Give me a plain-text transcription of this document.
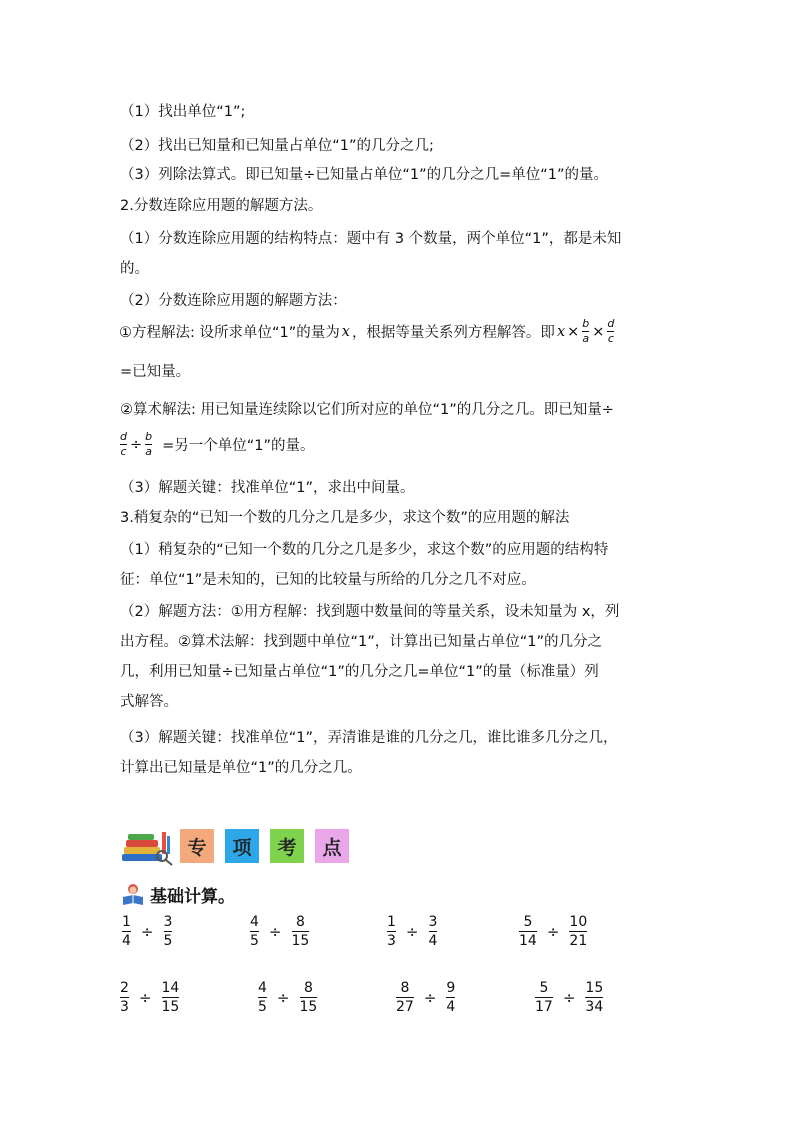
（1）找出单位“1”;
（2）找出已知量和已知量占单位“1”的几分之几;
（3）列除法算式。即已知量÷已知量占单位“1”的几分之几=单位“1”的量。
2.分数连除应用题的解题方法。
（1）分数连除应用题的结构特点：题中有 3 个数量，两个单位“1”，都是未知
的。
（2）分数连除应用题的解题方法：
①方程解法: 设所求单位“1”的量为 x ，根据等量关系列方程解答。即 $x \times \frac{b}{a} \times \frac{d}{c}$
=已知量。
②算术解法: 用已知量连续除以它们所对应的单位“1”的几分之几。即已知量÷
$\frac{d}{c} \div \frac{b}{a}$ =另一个单位“1”的量。
（3）解题关键：找准单位“1”，求出中间量。
3.稍复杂的“已知一个数的几分之几是多少，求这个数”的应用题的解法
（1）稍复杂的“已知一个数的几分之几是多少，求这个数”的应用题的结构特
征：单位“1”是未知的，已知的比较量与所给的几分之几不对应。
（2）解题方法：①用方程解：找到题中数量间的等量关系，设未知量为 x，列
出方程。②算术法解：找到题中单位“1”，计算出已知量占单位“1”的几分之
几，利用已知量÷已知量占单位“1”的几分之几=单位“1”的量（标准量）列
式解答。
（3）解题关键：找准单位“1”，弄清谁是谁的几分之几，谁比谁多几分之几，
计算出已知量是单位“1”的几分之几。
专	项	考	点
基础计算。
$\frac{1}{4} \div \frac{3}{5}$	$\frac{4}{5} \div \frac{8}{15}$	$\frac{1}{3} \div \frac{3}{4}$	$\frac{5}{14} \div \frac{10}{21}$
$\frac{2}{3} \div \frac{14}{15}$	$\frac{4}{5} \div \frac{8}{15}$	$\frac{8}{27} \div \frac{9}{4}$	$\frac{5}{17} \div \frac{15}{34}$
